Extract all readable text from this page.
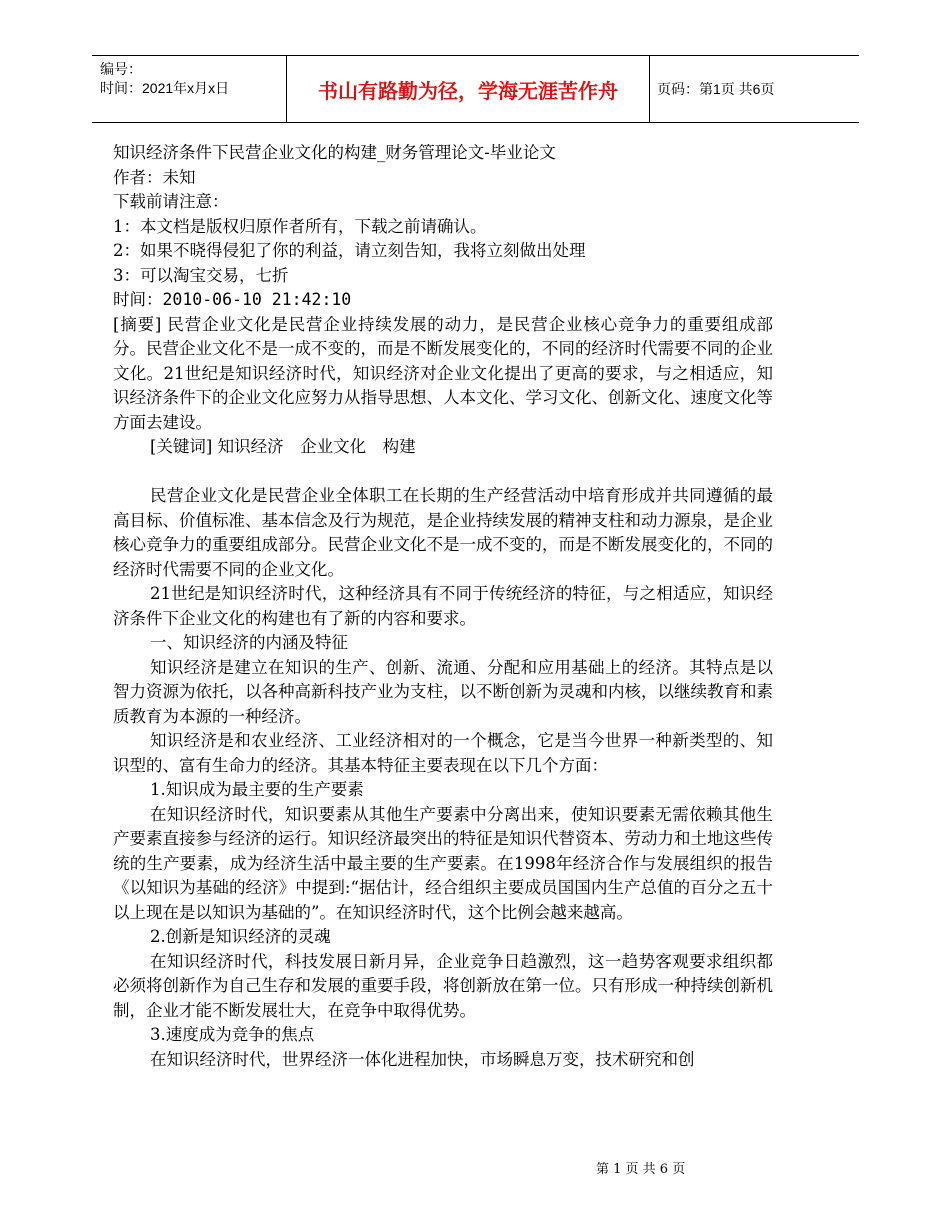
编号：
时间：2021年x月x日	书山有路勤为径，学海无涯苦作舟	页码：第1页 共6页

知识经济条件下民营企业文化的构建_财务管理论文-毕业论文

作者：未知

下载前请注意：

1：本文档是版权归原作者所有，下载之前请确认。

2：如果不晓得侵犯了你的利益，请立刻告知，我将立刻做出处理

3：可以淘宝交易，七折

时间：2010-06-10 21:42:10

[摘要] 民营企业文化是民营企业持续发展的动力，是民营企业核心竞争力的重要组成部分。民营企业文化不是一成不变的，而是不断发展变化的，不同的经济时代需要不同的企业文化。21世纪是知识经济时代，知识经济对企业文化提出了更高的要求，与之相适应，知识经济条件下的企业文化应努力从指导思想、人本文化、学习文化、创新文化、速度文化等方面去建设。

[关键词] 知识经济　企业文化　构建

民营企业文化是民营企业全体职工在长期的生产经营活动中培育形成并共同遵循的最高目标、价值标准、基本信念及行为规范，是企业持续发展的精神支柱和动力源泉，是企业核心竞争力的重要组成部分。民营企业文化不是一成不变的，而是不断发展变化的，不同的经济时代需要不同的企业文化。

21世纪是知识经济时代，这种经济具有不同于传统经济的特征，与之相适应，知识经济条件下企业文化的构建也有了新的内容和要求。

一、知识经济的内涵及特征

知识经济是建立在知识的生产、创新、流通、分配和应用基础上的经济。其特点是以智力资源为依托，以各种高新科技产业为支柱，以不断创新为灵魂和内核，以继续教育和素质教育为本源的一种经济。

知识经济是和农业经济、工业经济相对的一个概念，它是当今世界一种新类型的、知识型的、富有生命力的经济。其基本特征主要表现在以下几个方面：

1.知识成为最主要的生产要素

在知识经济时代，知识要素从其他生产要素中分离出来，使知识要素无需依赖其他生产要素直接参与经济的运行。知识经济最突出的特征是知识代替资本、劳动力和土地这些传统的生产要素，成为经济生活中最主要的生产要素。在1998年经济合作与发展组织的报告《以知识为基础的经济》中提到:“据估计，经合组织主要成员国国内生产总值的百分之五十以上现在是以知识为基础的”。在知识经济时代，这个比例会越来越高。

2.创新是知识经济的灵魂

在知识经济时代，科技发展日新月异，企业竞争日趋激烈，这一趋势客观要求组织都必须将创新作为自己生存和发展的重要手段，将创新放在第一位。只有形成一种持续创新机制，企业才能不断发展壮大，在竞争中取得优势。

3.速度成为竞争的焦点

在知识经济时代，世界经济一体化进程加快，市场瞬息万变，技术研究和创

第 1 页 共 6 页
